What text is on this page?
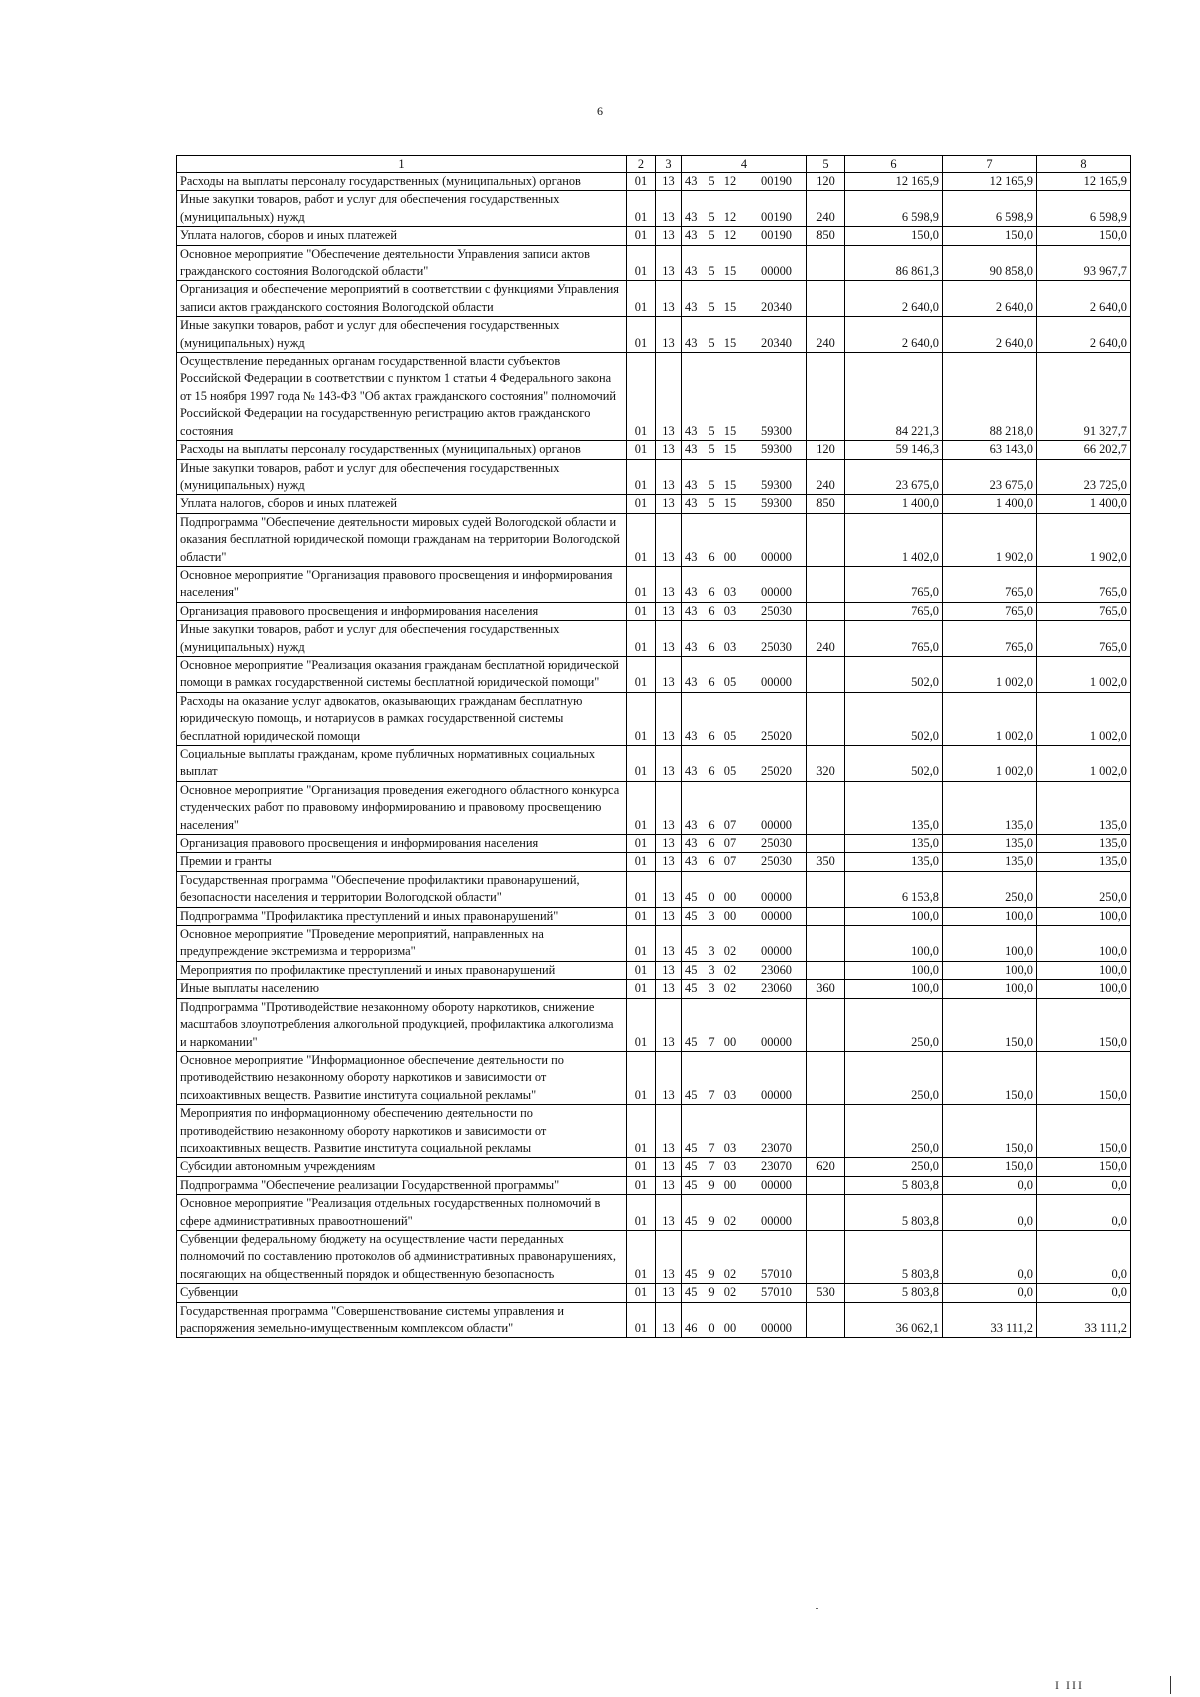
6
1	2	3	4	5	6	7	8
Расходы на выплаты персоналу государственных (муниципальных) органов	01	13	43 5 12 00190	120	12 165,9	12 165,9	12 165,9
Иные закупки товаров, работ и услуг для обеспечения государственных (муниципальных) нужд	01	13	43 5 12 00190	240	6 598,9	6 598,9	6 598,9
Уплата налогов, сборов и иных платежей	01	13	43 5 12 00190	850	150,0	150,0	150,0
Основное мероприятие "Обеспечение деятельности Управления записи актов гражданского состояния Вологодской области"	01	13	43 5 15 00000		86 861,3	90 858,0	93 967,7
Организация и обеспечение мероприятий в соответствии с функциями Управления записи актов гражданского состояния Вологодской области	01	13	43 5 15 20340		2 640,0	2 640,0	2 640,0
Иные закупки товаров, работ и услуг для обеспечения государственных (муниципальных) нужд	01	13	43 5 15 20340	240	2 640,0	2 640,0	2 640,0
Осуществление переданных органам государственной власти субъектов Российской Федерации в соответствии с пунктом 1 статьи 4 Федерального закона от 15 ноября 1997 года № 143-ФЗ "Об актах гражданского состояния" полномочий Российской Федерации на государственную регистрацию актов гражданского состояния	01	13	43 5 15 59300		84 221,3	88 218,0	91 327,7
Расходы на выплаты персоналу государственных (муниципальных) органов	01	13	43 5 15 59300	120	59 146,3	63 143,0	66 202,7
Иные закупки товаров, работ и услуг для обеспечения государственных (муниципальных) нужд	01	13	43 5 15 59300	240	23 675,0	23 675,0	23 725,0
Уплата налогов, сборов и иных платежей	01	13	43 5 15 59300	850	1 400,0	1 400,0	1 400,0
Подпрограмма "Обеспечение деятельности мировых судей Вологодской области и оказания бесплатной юридической помощи гражданам на территории Вологодской области"	01	13	43 6 00 00000		1 402,0	1 902,0	1 902,0
Основное мероприятие "Организация правового просвещения и информирования населения"	01	13	43 6 03 00000		765,0	765,0	765,0
Организация правового просвещения и информирования населения	01	13	43 6 03 25030		765,0	765,0	765,0
Иные закупки товаров, работ и услуг для обеспечения государственных (муниципальных) нужд	01	13	43 6 03 25030	240	765,0	765,0	765,0
Основное мероприятие "Реализация оказания гражданам бесплатной юридической помощи в рамках государственной системы бесплатной юридической помощи"	01	13	43 6 05 00000		502,0	1 002,0	1 002,0
Расходы на оказание услуг адвокатов, оказывающих гражданам бесплатную юридическую помощь, и нотариусов в рамках государственной системы бесплатной юридической помощи	01	13	43 6 05 25020		502,0	1 002,0	1 002,0
Социальные выплаты гражданам, кроме публичных нормативных социальных выплат	01	13	43 6 05 25020	320	502,0	1 002,0	1 002,0
Основное мероприятие "Организация проведения ежегодного областного конкурса студенческих работ по правовому информированию и правовому просвещению населения"	01	13	43 6 07 00000		135,0	135,0	135,0
Организация правового просвещения и информирования населения	01	13	43 6 07 25030		135,0	135,0	135,0
Премии и гранты	01	13	43 6 07 25030	350	135,0	135,0	135,0
Государственная программа "Обеспечение профилактики правонарушений, безопасности населения и территории Вологодской области"	01	13	45 0 00 00000		6 153,8	250,0	250,0
Подпрограмма "Профилактика преступлений и иных правонарушений"	01	13	45 3 00 00000		100,0	100,0	100,0
Основное мероприятие "Проведение мероприятий, направленных на предупреждение экстремизма и терроризма"	01	13	45 3 02 00000		100,0	100,0	100,0
Мероприятия по профилактике преступлений и иных правонарушений	01	13	45 3 02 23060		100,0	100,0	100,0
Иные выплаты населению	01	13	45 3 02 23060	360	100,0	100,0	100,0
Подпрограмма "Противодействие незаконному обороту наркотиков, снижение масштабов злоупотребления алкогольной продукцией, профилактика алкоголизма и наркомании"	01	13	45 7 00 00000		250,0	150,0	150,0
Основное мероприятие "Информационное обеспечение деятельности по противодействию незаконному обороту наркотиков и зависимости от психоактивных веществ. Развитие института социальной рекламы"	01	13	45 7 03 00000		250,0	150,0	150,0
Мероприятия по информационному обеспечению деятельности по противодействию незаконному обороту наркотиков и зависимости от психоактивных веществ. Развитие института социальной рекламы	01	13	45 7 03 23070		250,0	150,0	150,0
Субсидии автономным учреждениям	01	13	45 7 03 23070	620	250,0	150,0	150,0
Подпрограмма "Обеспечение реализации Государственной программы"	01	13	45 9 00 00000		5 803,8	0,0	0,0
Основное мероприятие "Реализация отдельных государственных полномочий в сфере административных правоотношений"	01	13	45 9 02 00000		5 803,8	0,0	0,0
Субвенции федеральному бюджету на осуществление части переданных полномочий по составлению протоколов об административных правонарушениях, посягающих на общественный порядок и общественную безопасность	01	13	45 9 02 57010		5 803,8	0,0	0,0
Субвенции	01	13	45 9 02 57010	530	5 803,8	0,0	0,0
Государственная программа "Совершенствование системы управления и распоряжения земельно-имущественным комплексом области"	01	13	46 0 00 00000		36 062,1	33 111,2	33 111,2
I III
